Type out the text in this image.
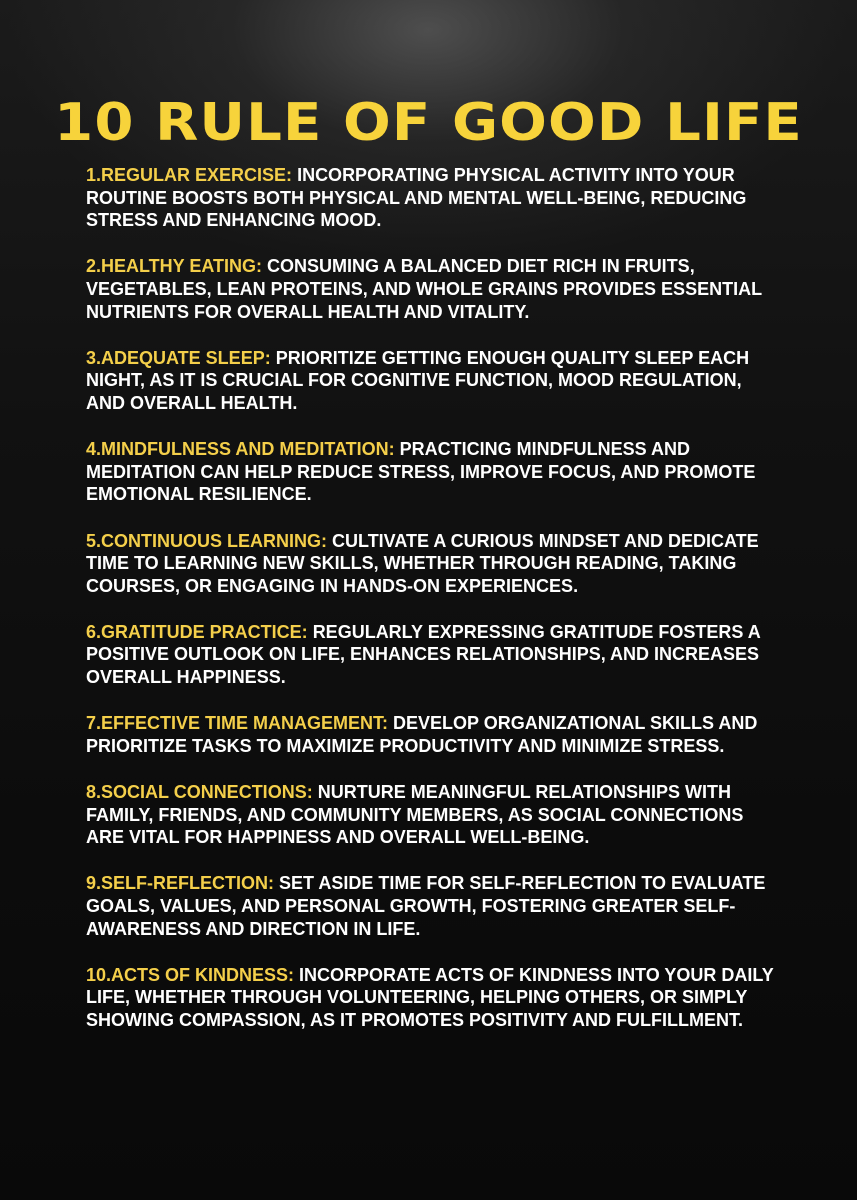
10 RULE OF GOOD LIFE
1.REGULAR EXERCISE: INCORPORATING PHYSICAL ACTIVITY INTO YOUR ROUTINE BOOSTS BOTH PHYSICAL AND MENTAL WELL-BEING, REDUCING STRESS AND ENHANCING MOOD.
2.HEALTHY EATING: CONSUMING A BALANCED DIET RICH IN FRUITS, VEGETABLES, LEAN PROTEINS, AND WHOLE GRAINS PROVIDES ESSENTIAL NUTRIENTS FOR OVERALL HEALTH AND VITALITY.
3.ADEQUATE SLEEP: PRIORITIZE GETTING ENOUGH QUALITY SLEEP EACH NIGHT, AS IT IS CRUCIAL FOR COGNITIVE FUNCTION, MOOD REGULATION, AND OVERALL HEALTH.
4.MINDFULNESS AND MEDITATION: PRACTICING MINDFULNESS AND MEDITATION CAN HELP REDUCE STRESS, IMPROVE FOCUS, AND PROMOTE EMOTIONAL RESILIENCE.
5.CONTINUOUS LEARNING: CULTIVATE A CURIOUS MINDSET AND DEDICATE TIME TO LEARNING NEW SKILLS, WHETHER THROUGH READING, TAKING COURSES, OR ENGAGING IN HANDS-ON EXPERIENCES.
6.GRATITUDE PRACTICE: REGULARLY EXPRESSING GRATITUDE FOSTERS A POSITIVE OUTLOOK ON LIFE, ENHANCES RELATIONSHIPS, AND INCREASES OVERALL HAPPINESS.
7.EFFECTIVE TIME MANAGEMENT: DEVELOP ORGANIZATIONAL SKILLS AND PRIORITIZE TASKS TO MAXIMIZE PRODUCTIVITY AND MINIMIZE STRESS.
8.SOCIAL CONNECTIONS: NURTURE MEANINGFUL RELATIONSHIPS WITH FAMILY, FRIENDS, AND COMMUNITY MEMBERS, AS SOCIAL CONNECTIONS ARE VITAL FOR HAPPINESS AND OVERALL WELL-BEING.
9.SELF-REFLECTION: SET ASIDE TIME FOR SELF-REFLECTION TO EVALUATE GOALS, VALUES, AND PERSONAL GROWTH, FOSTERING GREATER SELF-AWARENESS AND DIRECTION IN LIFE.
10.ACTS OF KINDNESS: INCORPORATE ACTS OF KINDNESS INTO YOUR DAILY LIFE, WHETHER THROUGH VOLUNTEERING, HELPING OTHERS, OR SIMPLY SHOWING COMPASSION, AS IT PROMOTES POSITIVITY AND FULFILLMENT.
